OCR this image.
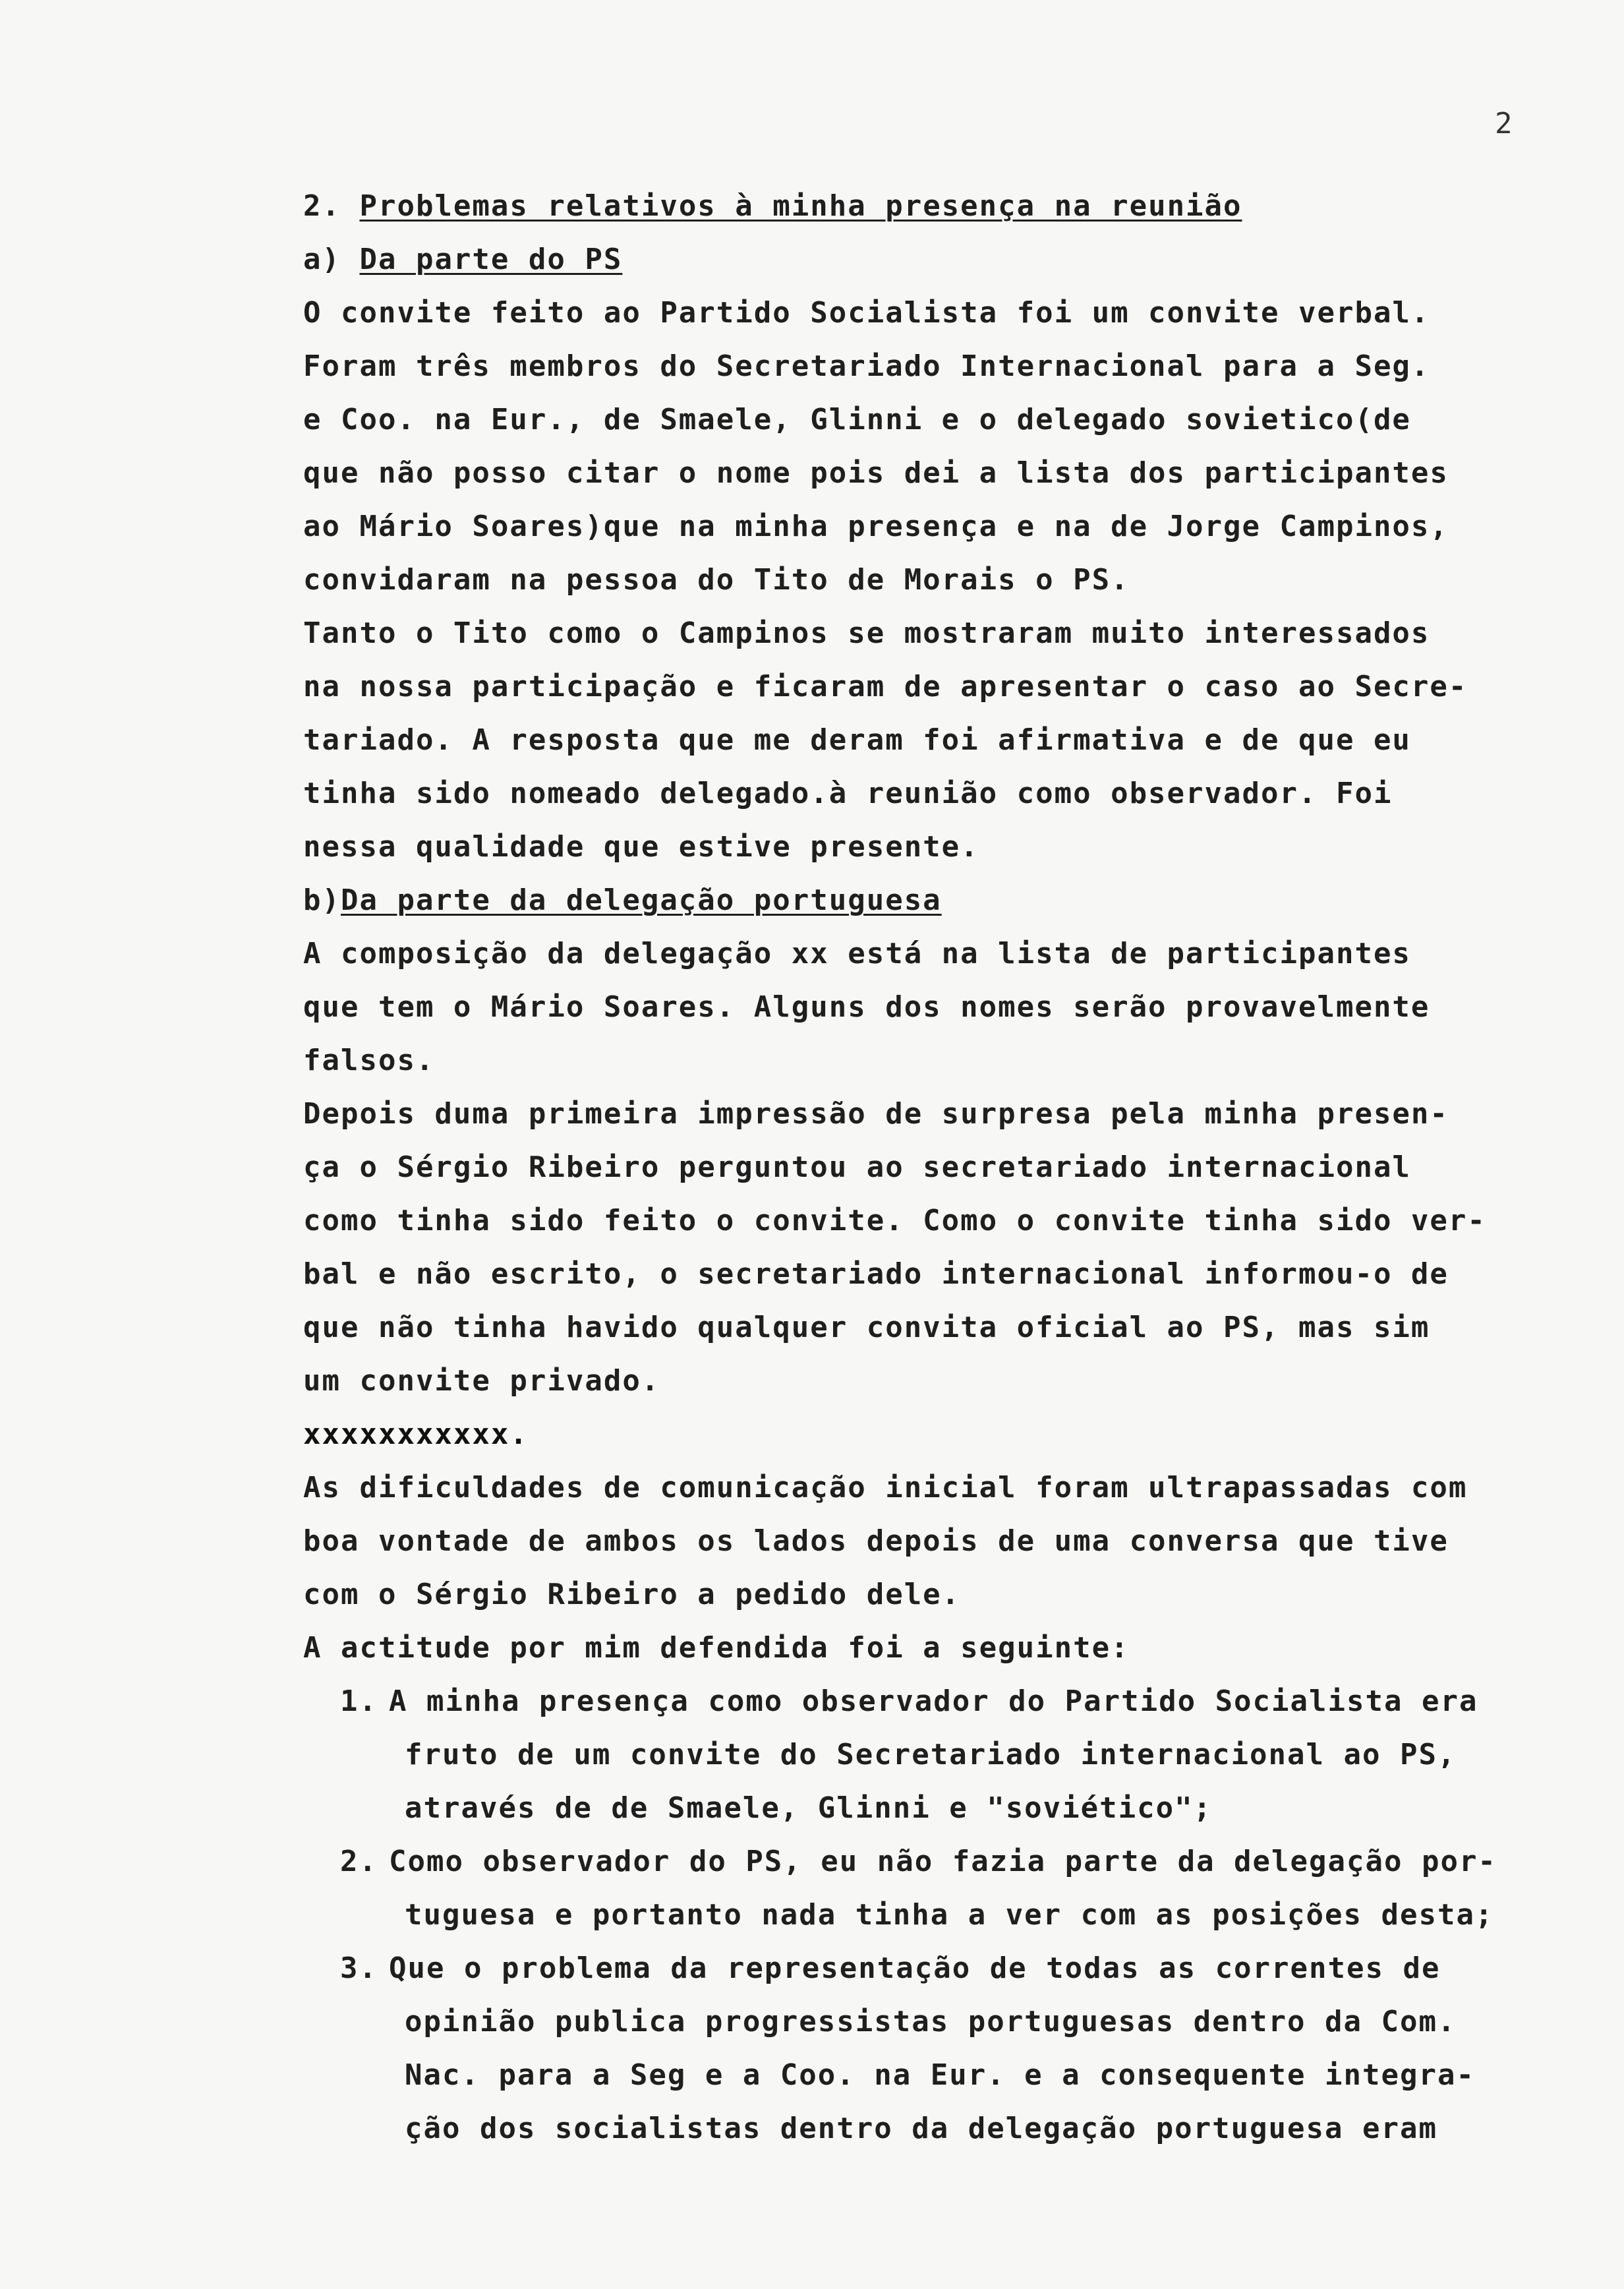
2
2. Problemas relativos à minha presença na reunião
a) Da parte do PS
O convite feito ao Partido Socialista foi um convite verbal.
Foram três membros do Secretariado Internacional para a Seg.
e Coo. na Eur., de Smaele, Glinni e o delegado sovietico(de
que não posso citar o nome pois dei a lista dos participantes
ao Mário Soares)que na minha presença e na de Jorge Campinos,
convidaram na pessoa do Tito de Morais o PS.
Tanto o Tito como o Campinos se mostraram muito interessados
na nossa participação e ficaram de apresentar o caso ao Secre-
tariado. A resposta que me deram foi afirmativa e de que eu
tinha sido nomeado delegado.à reunião como observador. Foi
nessa qualidade que estive presente.
b)Da parte da delegação portuguesa
A composição da delegação xx está na lista de participantes
que tem o Mário Soares. Alguns dos nomes serão provavelmente
falsos.
Depois duma primeira impressão de surpresa pela minha presen-
ça o Sérgio Ribeiro perguntou ao secretariado internacional
como tinha sido feito o convite. Como o convite tinha sido ver-
bal e não escrito, o secretariado internacional informou-o de
que não tinha havido qualquer convita oficial ao PS, mas sim
um convite privado.
xxxxxxxxxxx.
As dificuldades de comunicação inicial foram ultrapassadas com
boa vontade de ambos os lados depois de uma conversa que tive
com o Sérgio Ribeiro a pedido dele.
A actitude por mim defendida foi a seguinte:
1. A minha presença como observador do Partido Socialista era
fruto de um convite do Secretariado internacional ao PS,
através de de Smaele, Glinni e "soviético";
2. Como observador do PS, eu não fazia parte da delegação por-
tuguesa e portanto nada tinha a ver com as posições desta;
3. Que o problema da representação de todas as correntes de
opinião publica progressistas portuguesas dentro da Com.
Nac. para a Seg e a Coo. na Eur. e a consequente integra-
ção dos socialistas dentro da delegação portuguesa eram
